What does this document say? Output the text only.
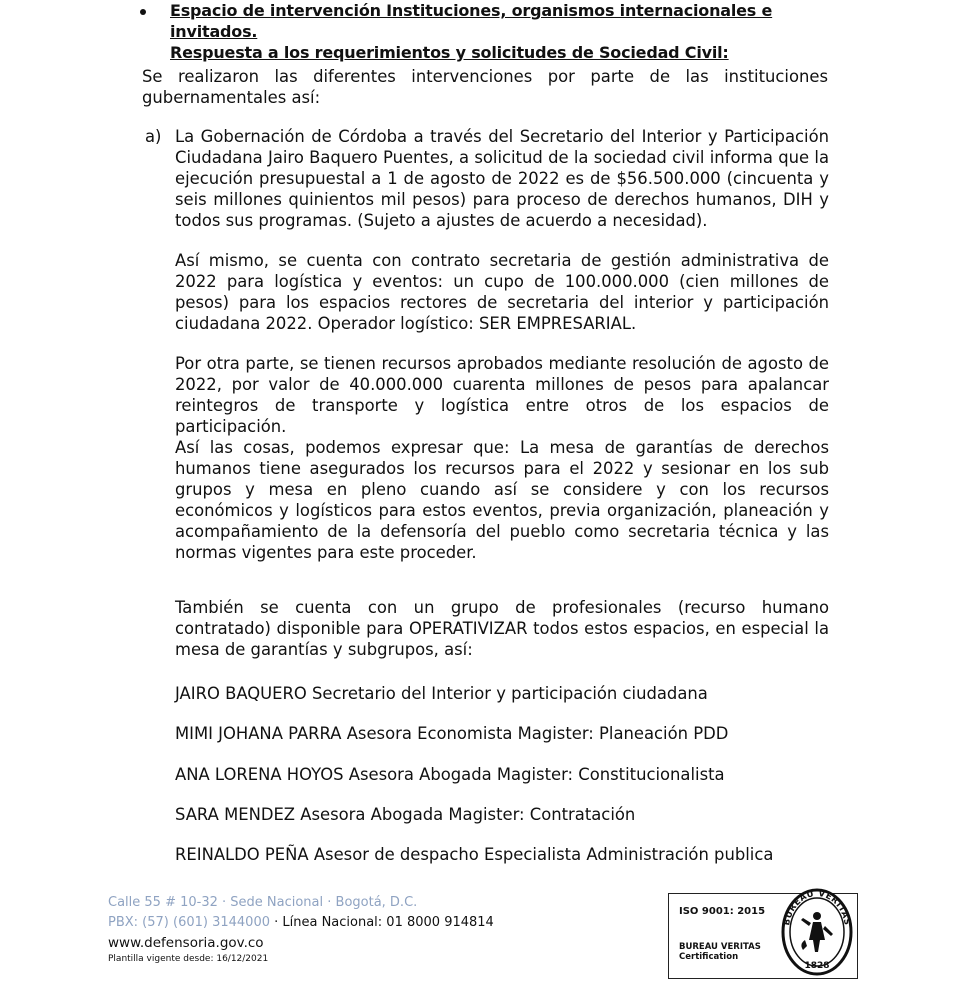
Espacio de intervención Instituciones, organismos internacionales e invitados.
Respuesta a los requerimientos y solicitudes de Sociedad Civil:
Se realizaron las diferentes intervenciones por parte de las instituciones gubernamentales así:
a) La Gobernación de Córdoba a través del Secretario del Interior y Participación Ciudadana Jairo Baquero Puentes, a solicitud de la sociedad civil informa que la ejecución presupuestal a 1 de agosto de 2022 es de $56.500.000 (cincuenta y seis millones quinientos mil pesos) para proceso de derechos humanos, DIH y todos sus programas. (Sujeto a ajustes de acuerdo a necesidad).
Así mismo, se cuenta con contrato secretaria de gestión administrativa de 2022 para logística y eventos: un cupo de 100.000.000 (cien millones de pesos) para los espacios rectores de secretaria del interior y participación ciudadana 2022. Operador logístico: SER EMPRESARIAL.
Por otra parte, se tienen recursos aprobados mediante resolución de agosto de 2022, por valor de 40.000.000 cuarenta millones de pesos para apalancar reintegros de transporte y logística entre otros de los espacios de participación.
Así las cosas, podemos expresar que: La mesa de garantías de derechos humanos tiene asegurados los recursos para el 2022 y sesionar en los sub grupos y mesa en pleno cuando así se considere y con los recursos económicos y logísticos para estos eventos, previa organización, planeación y acompañamiento de la defensoría del pueblo como secretaria técnica y las normas vigentes para este proceder.
También se cuenta con un grupo de profesionales (recurso humano contratado) disponible para OPERATIVIZAR todos estos espacios, en especial la mesa de garantías y subgrupos, así:
JAIRO BAQUERO Secretario del Interior y participación ciudadana
MIMI JOHANA PARRA Asesora Economista Magister: Planeación PDD
ANA LORENA HOYOS Asesora Abogada Magister: Constitucionalista
SARA MENDEZ Asesora Abogada Magister: Contratación
REINALDO PEÑA Asesor de despacho Especialista Administración publica
Calle 55 # 10-32 · Sede Nacional · Bogotá, D.C.
PBX: (57) (601) 3144000 · Línea Nacional: 01 8000 914814
www.defensoria.gov.co
Plantilla vigente desde: 16/12/2021
ISO 9001: 2015
BUREAU VERITAS
Certification
BUREAU VERITAS
1828
